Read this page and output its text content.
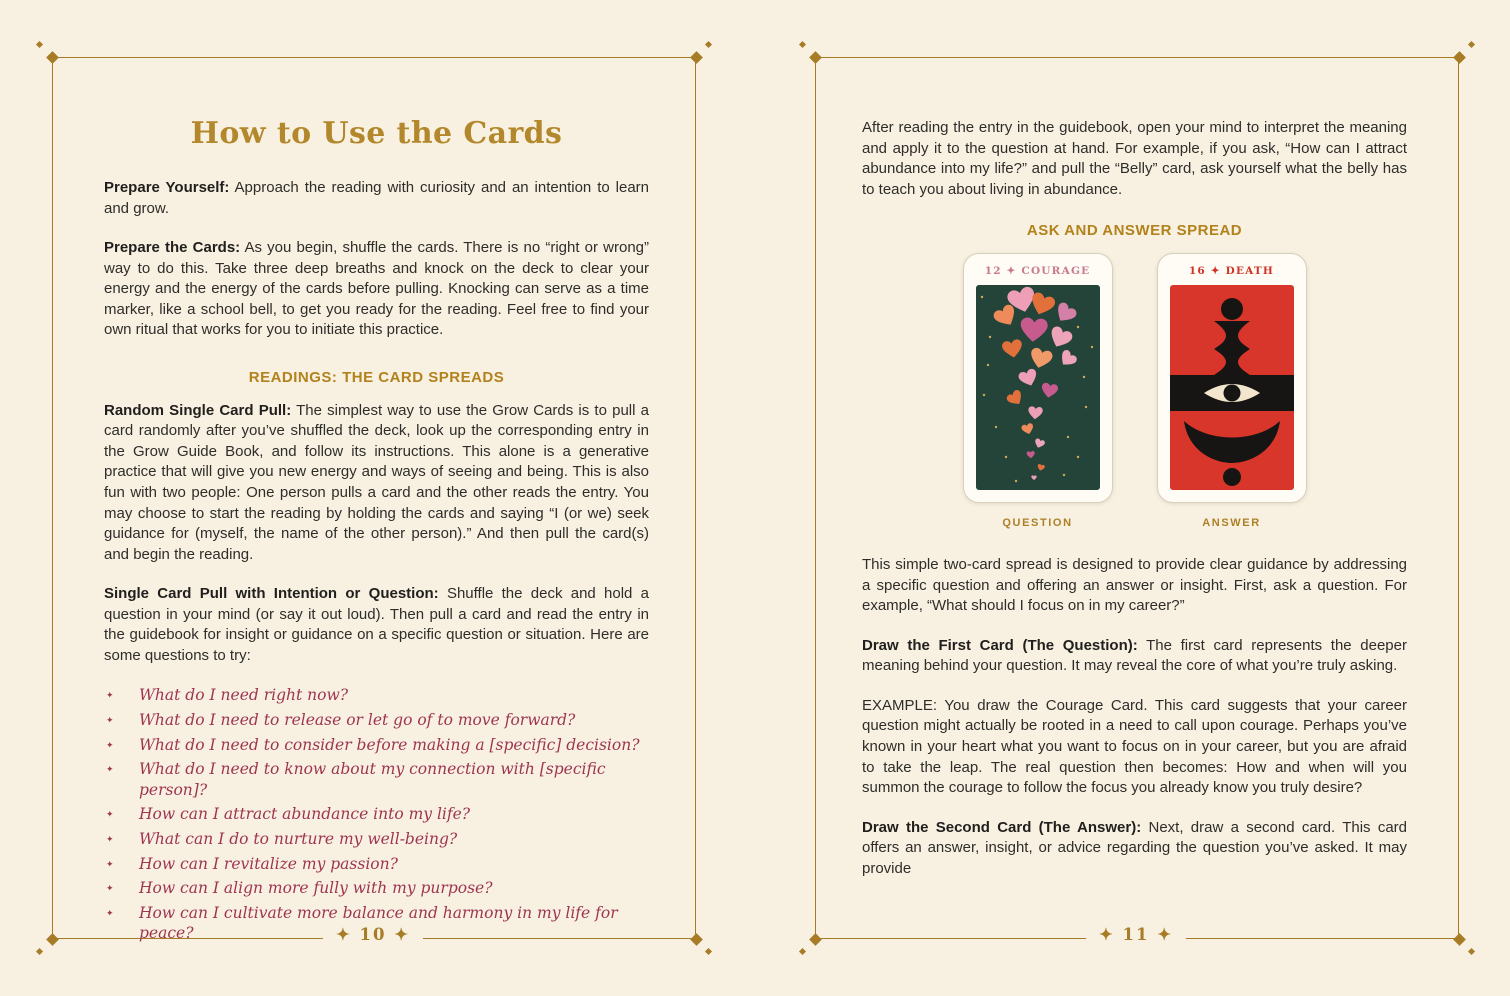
How to Use the Cards

Prepare Yourself: Approach the reading with curiosity and an intention to learn and grow.

Prepare the Cards: As you begin, shuffle the cards. There is no “right or wrong” way to do this. Take three deep breaths and knock on the deck to clear your energy and the energy of the cards before pulling. Knocking can serve as a time marker, like a school bell, to get you ready for the reading. Feel free to find your own ritual that works for you to initiate this practice.

READINGS: THE CARD SPREADS

Random Single Card Pull: The simplest way to use the Grow Cards is to pull a card randomly after you’ve shuffled the deck, look up the corresponding entry in the Grow Guide Book, and follow its instructions. This alone is a generative practice that will give you new energy and ways of seeing and being. This is also fun with two people: One person pulls a card and the other reads the entry. You may choose to start the reading by holding the cards and saying “I (or we) seek guidance for (myself, the name of the other person).” And then pull the card(s) and begin the reading.

Single Card Pull with Intention or Question: Shuffle the deck and hold a question in your mind (or say it out loud). Then pull a card and read the entry in the guidebook for insight or guidance on a specific question or situation. Here are some questions to try:

✦	What do I need right now?
✦	What do I need to release or let go of to move forward?
✦	What do I need to consider before making a [specific] decision?
✦	What do I need to know about my connection with [specific person]?
✦	How can I attract abundance into my life?
✦	What can I do to nurture my well-being?
✦	How can I revitalize my passion?
✦	How can I align more fully with my purpose?
✦	How can I cultivate more balance and harmony in my life for peace?	✦ 10 ✦

After reading the entry in the guidebook, open your mind to interpret the meaning and apply it to the question at hand. For example, if you ask, “How can I attract abundance into my life?” and pull the “Belly” card, ask yourself what the belly has to teach you about living in abundance.

ASK AND ANSWER SPREAD
12 ✦ COURAGE
QUESTION
16 ✦ DEATH
ANSWER

This simple two-card spread is designed to provide clear guidance by addressing a specific question and offering an answer or insight. First, ask a question. For example, “What should I focus on in my career?”

Draw the First Card (The Question): The first card represents the deeper meaning behind your question. It may reveal the core of what you’re truly asking.

EXAMPLE: You draw the Courage Card. This card suggests that your career question might actually be rooted in a need to call upon courage. Perhaps you’ve known in your heart what you want to focus on in your career, but you are afraid to take the leap. The real question then becomes: How and when will you summon the courage to follow the focus you already know you truly desire?

Draw the Second Card (The Answer): Next, draw a second card. This card offers an answer, insight, or advice regarding the question you’ve asked. It may provide

✦ 11 ✦
